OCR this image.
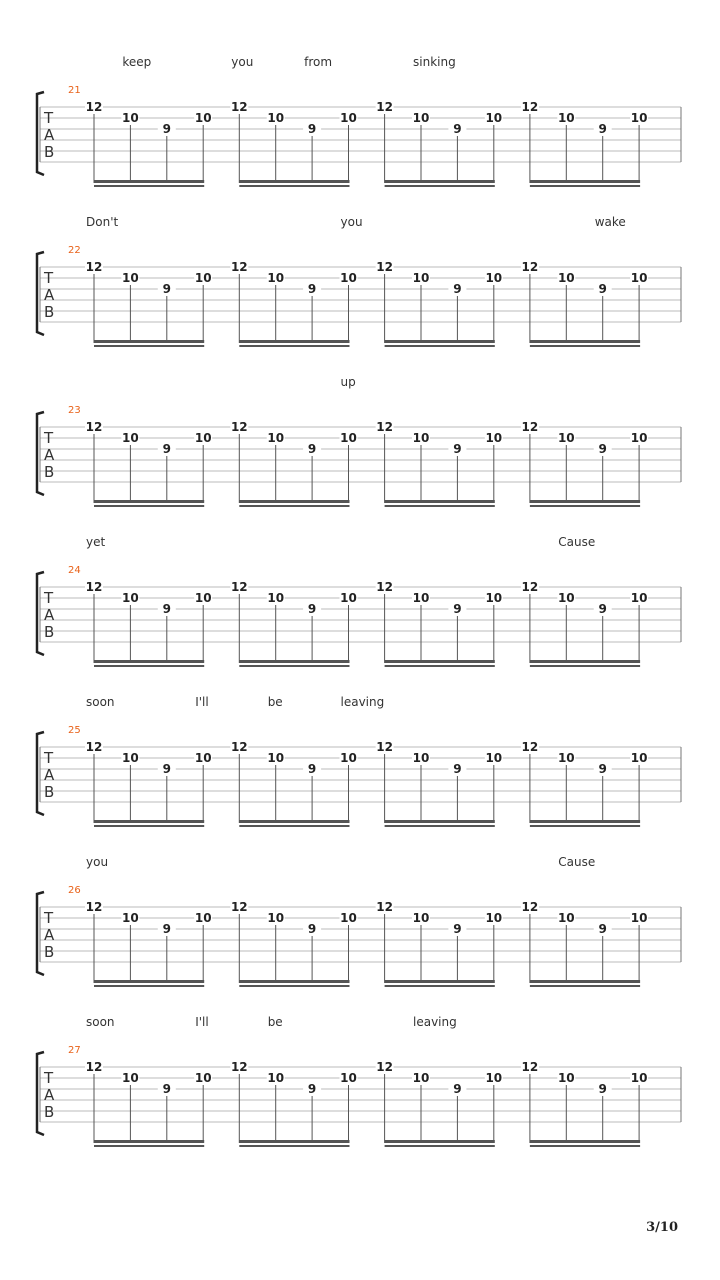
keep	you	from	sinking
21
T
A
B
12
10
9
10
12
10
9
10
12
10
9
10
12
10
9
10
Don't	you	wake
22
T
A
B
12
10
9
10
12
10
9
10
12
10
9
10
12
10
9
10
up
23
T
A
B
12
10
9
10
12
10
9
10
12
10
9
10
12
10
9
10
yet	Cause
24
T
A
B
12
10
9
10
12
10
9
10
12
10
9
10
12
10
9
10
soon	I'll	be	leaving
25
T
A
B
12
10
9
10
12
10
9
10
12
10
9
10
12
10
9
10
you	Cause
26
T
A
B
12
10
9
10
12
10
9
10
12
10
9
10
12
10
9
10
soon	I'll	be	leaving
27
T
A
B
12
10
9
10
12
10
9
10
12
10
9
10
12
10
9
10
3/10
